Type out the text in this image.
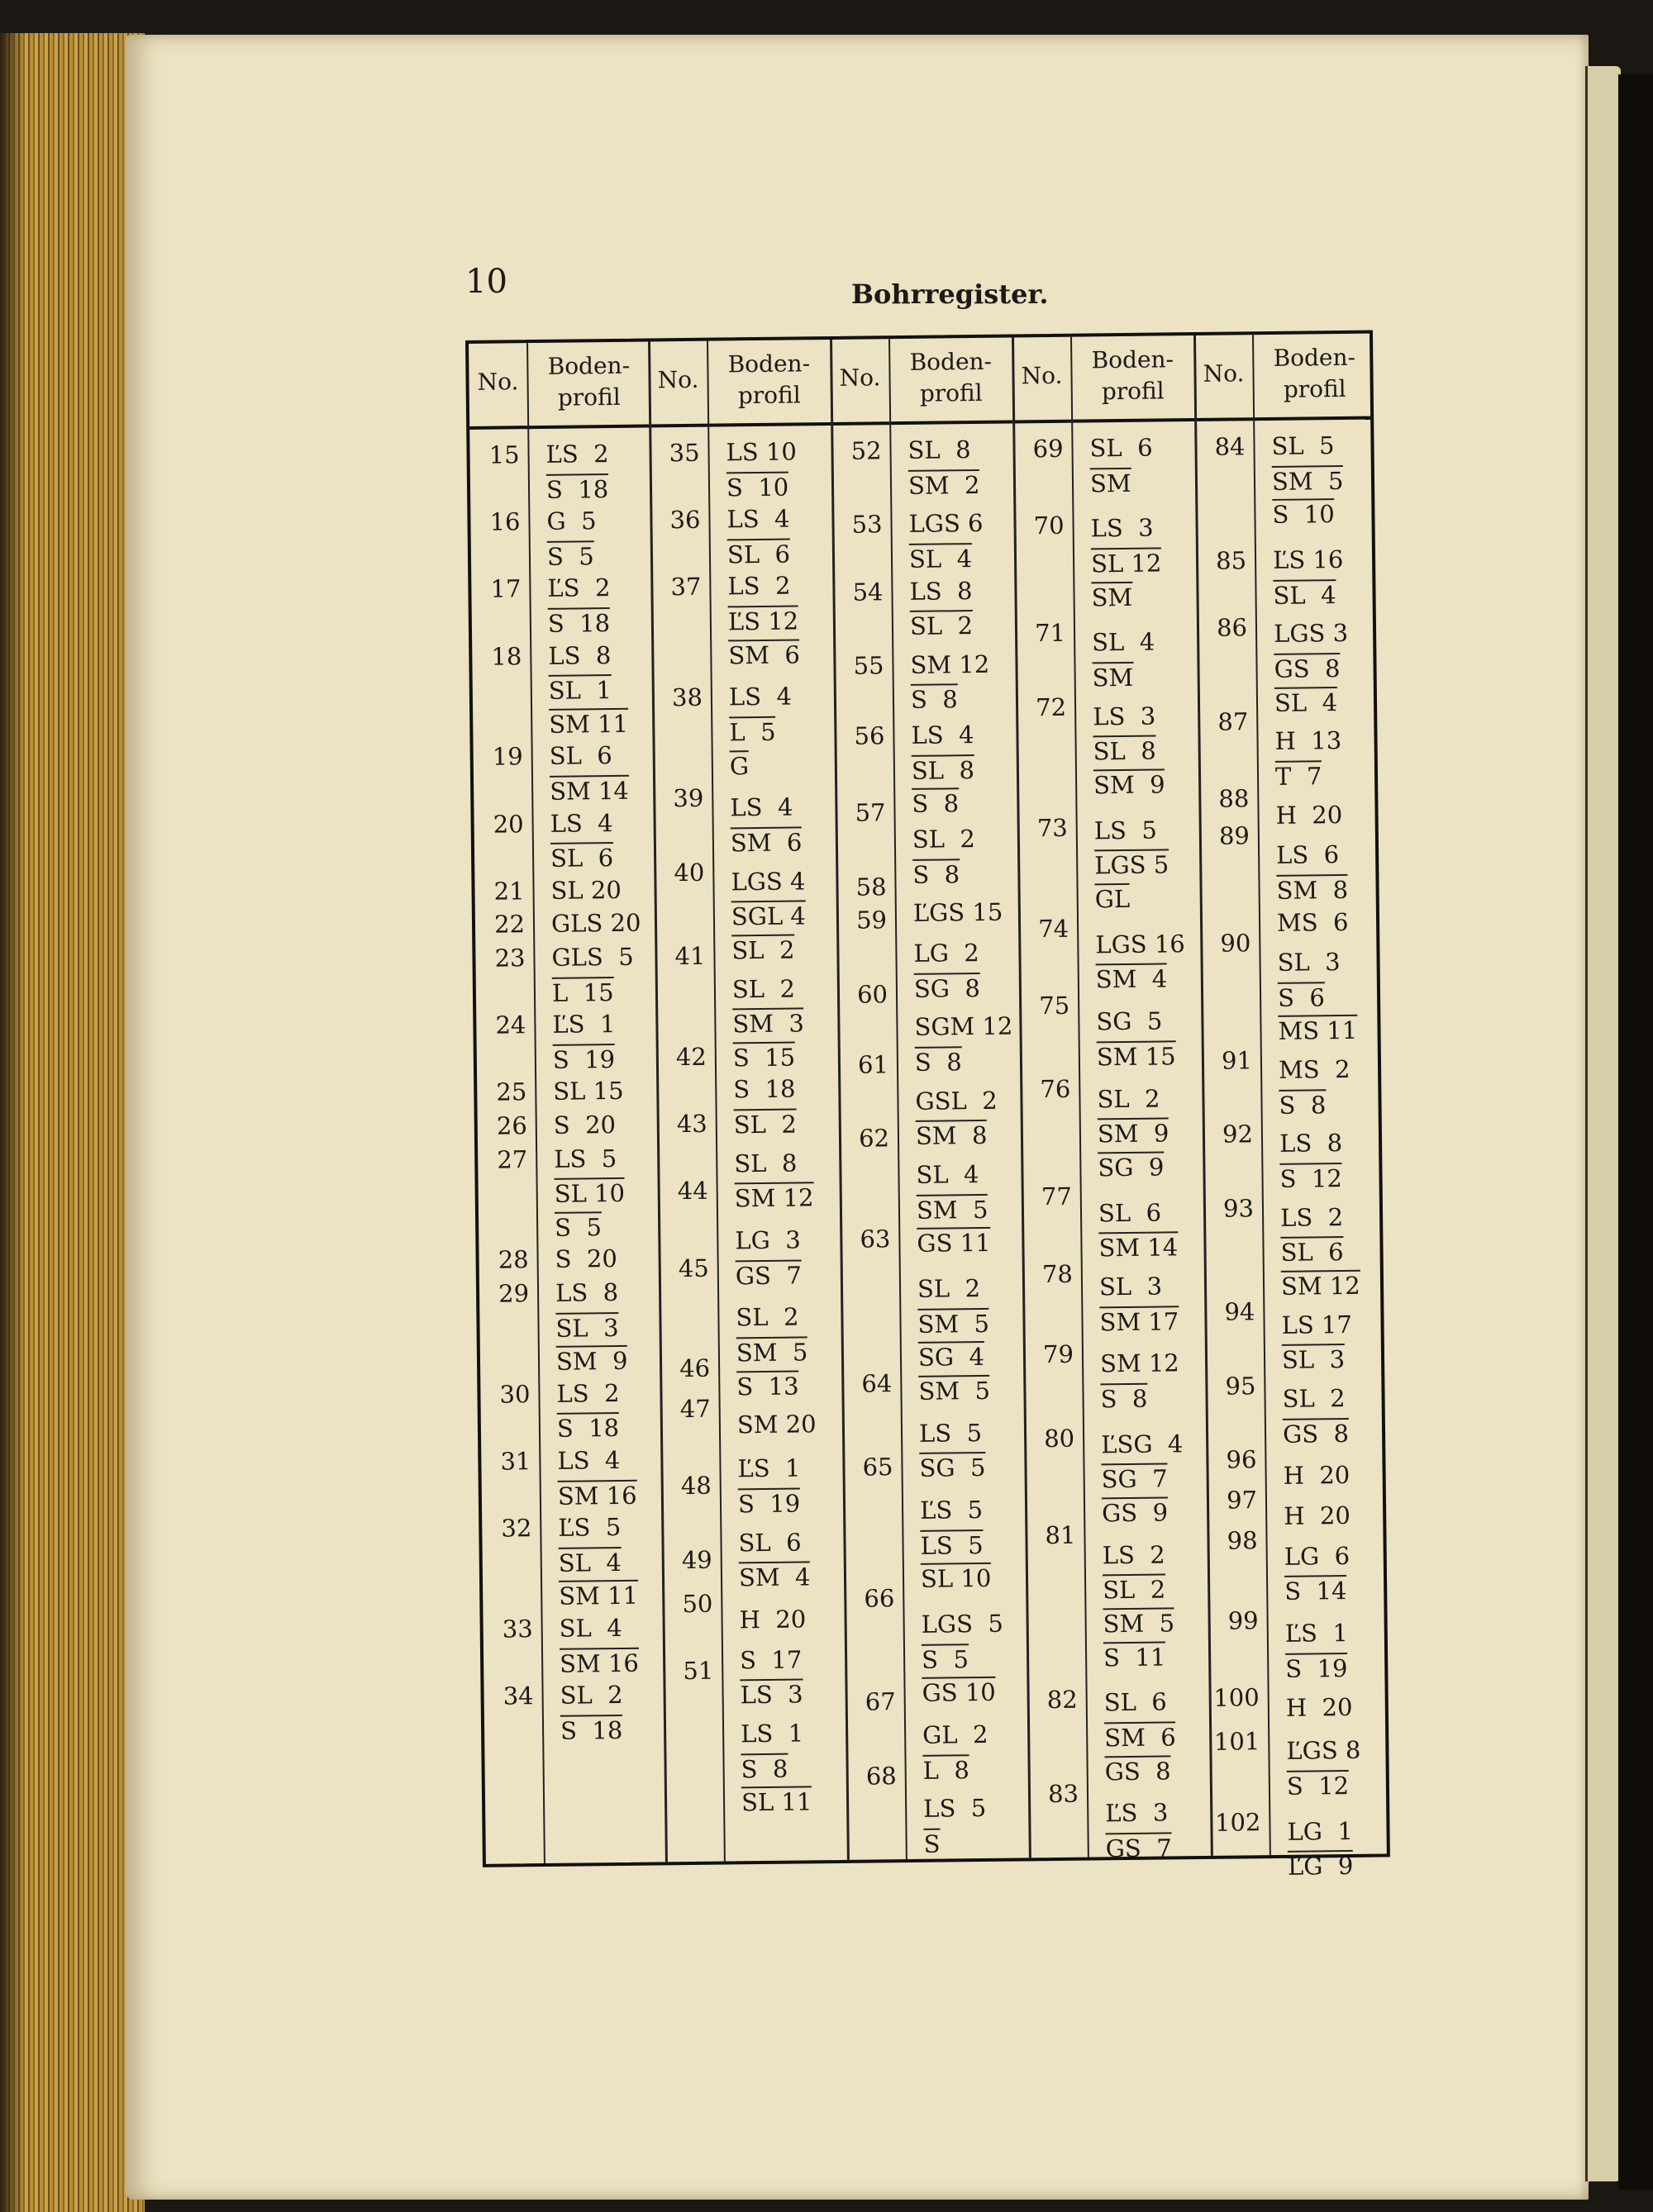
10	Bohrregister.
No.
Boden-
profil
No.
Boden-
profil
No.
Boden-
profil
No.
Boden-
profil
No.
Boden-
profil
15
16
17
18
19
20
21
22
23
24
25
26
27
28
29
30
31
32
33
34
ĽS  2
S  18
G  5
S  5
ĽS  2
S  18
LS  8
SL  1
SM 11
SL  6
SM 14
LS  4
SL  6
SL 20
GLS 20
GLS  5
L  15
ĽS  1
S  19
SL 15
S  20
LS  5
SL 10
S  5
S  20
LS  8
SL  3
SM  9
LS  2
S  18
LS  4
SM 16
ĽS  5
SL  4
SM 11
SL  4
SM 16
SL  2
S  18
35
36
37
38
39
40
41
42
43
44
45
46
47
48
49
50
51
LS 10
S  10
LS  4
SL  6
LS  2
ĽS 12
SM  6
LS  4
L  5
G
LS  4
SM  6
LGS 4
SGL 4
SL  2
SL  2
SM  3
S  15
S  18
SL  2
SL  8
SM 12
LG  3
GS  7
SL  2
SM  5
S  13
SM 20
ĽS  1
S  19
SL  6
SM  4
H  20
S  17
LS  3
LS  1
S  8
SL 11
52
53
54
55
56
57
58
59
60
61
62
63
64
65
66
67
68
SL  8
SM  2
LGS 6
SL  4
LS  8
SL  2
SM 12
S  8
LS  4
SL  8
S  8
SL  2
S  8
ĽGS 15
LG  2
SG  8
SGM 12
S  8
GSL  2
SM  8
SL  4
SM  5
GS 11
SL  2
SM  5
SG  4
SM  5
LS  5
SG  5
ĽS  5
LS  5
SL 10
LGS  5
S  5
GS 10
GL  2
L  8
LS  5
S
69
70
71
72
73
74
75
76
77
78
79
80
81
82
83
SL  6
SM
LS  3
SL 12
SM
SL  4
SM
LS  3
SL  8
SM  9
LS  5
LGS 5
GL
LGS 16
SM  4
SG  5
SM 15
SL  2
SM  9
SG  9
SL  6
SM 14
SL  3
SM 17
SM 12
S  8
ĽSG  4
SG  7
GS  9
LS  2
SL  2
SM  5
S  11
SL  6
SM  6
GS  8
ĽS  3
GS  7
84
85
86
87
88
89
90
91
92
93
94
95
96
97
98
99
100
101
102
SL  5
SM  5
S  10
ĽS 16
SL  4
LGS 3
GS  8
SL  4
H  13
T  7
H  20
LS  6
SM  8
MS  6
SL  3
S  6
MS 11
MS  2
S  8
LS  8
S  12
LS  2
SL  6
SM 12
LS 17
SL  3
SL  2
GS  8
H  20
H  20
LG  6
S  14
ĽS  1
S  19
H  20
ĽGS 8
S  12
LG  1
ĽG  9
